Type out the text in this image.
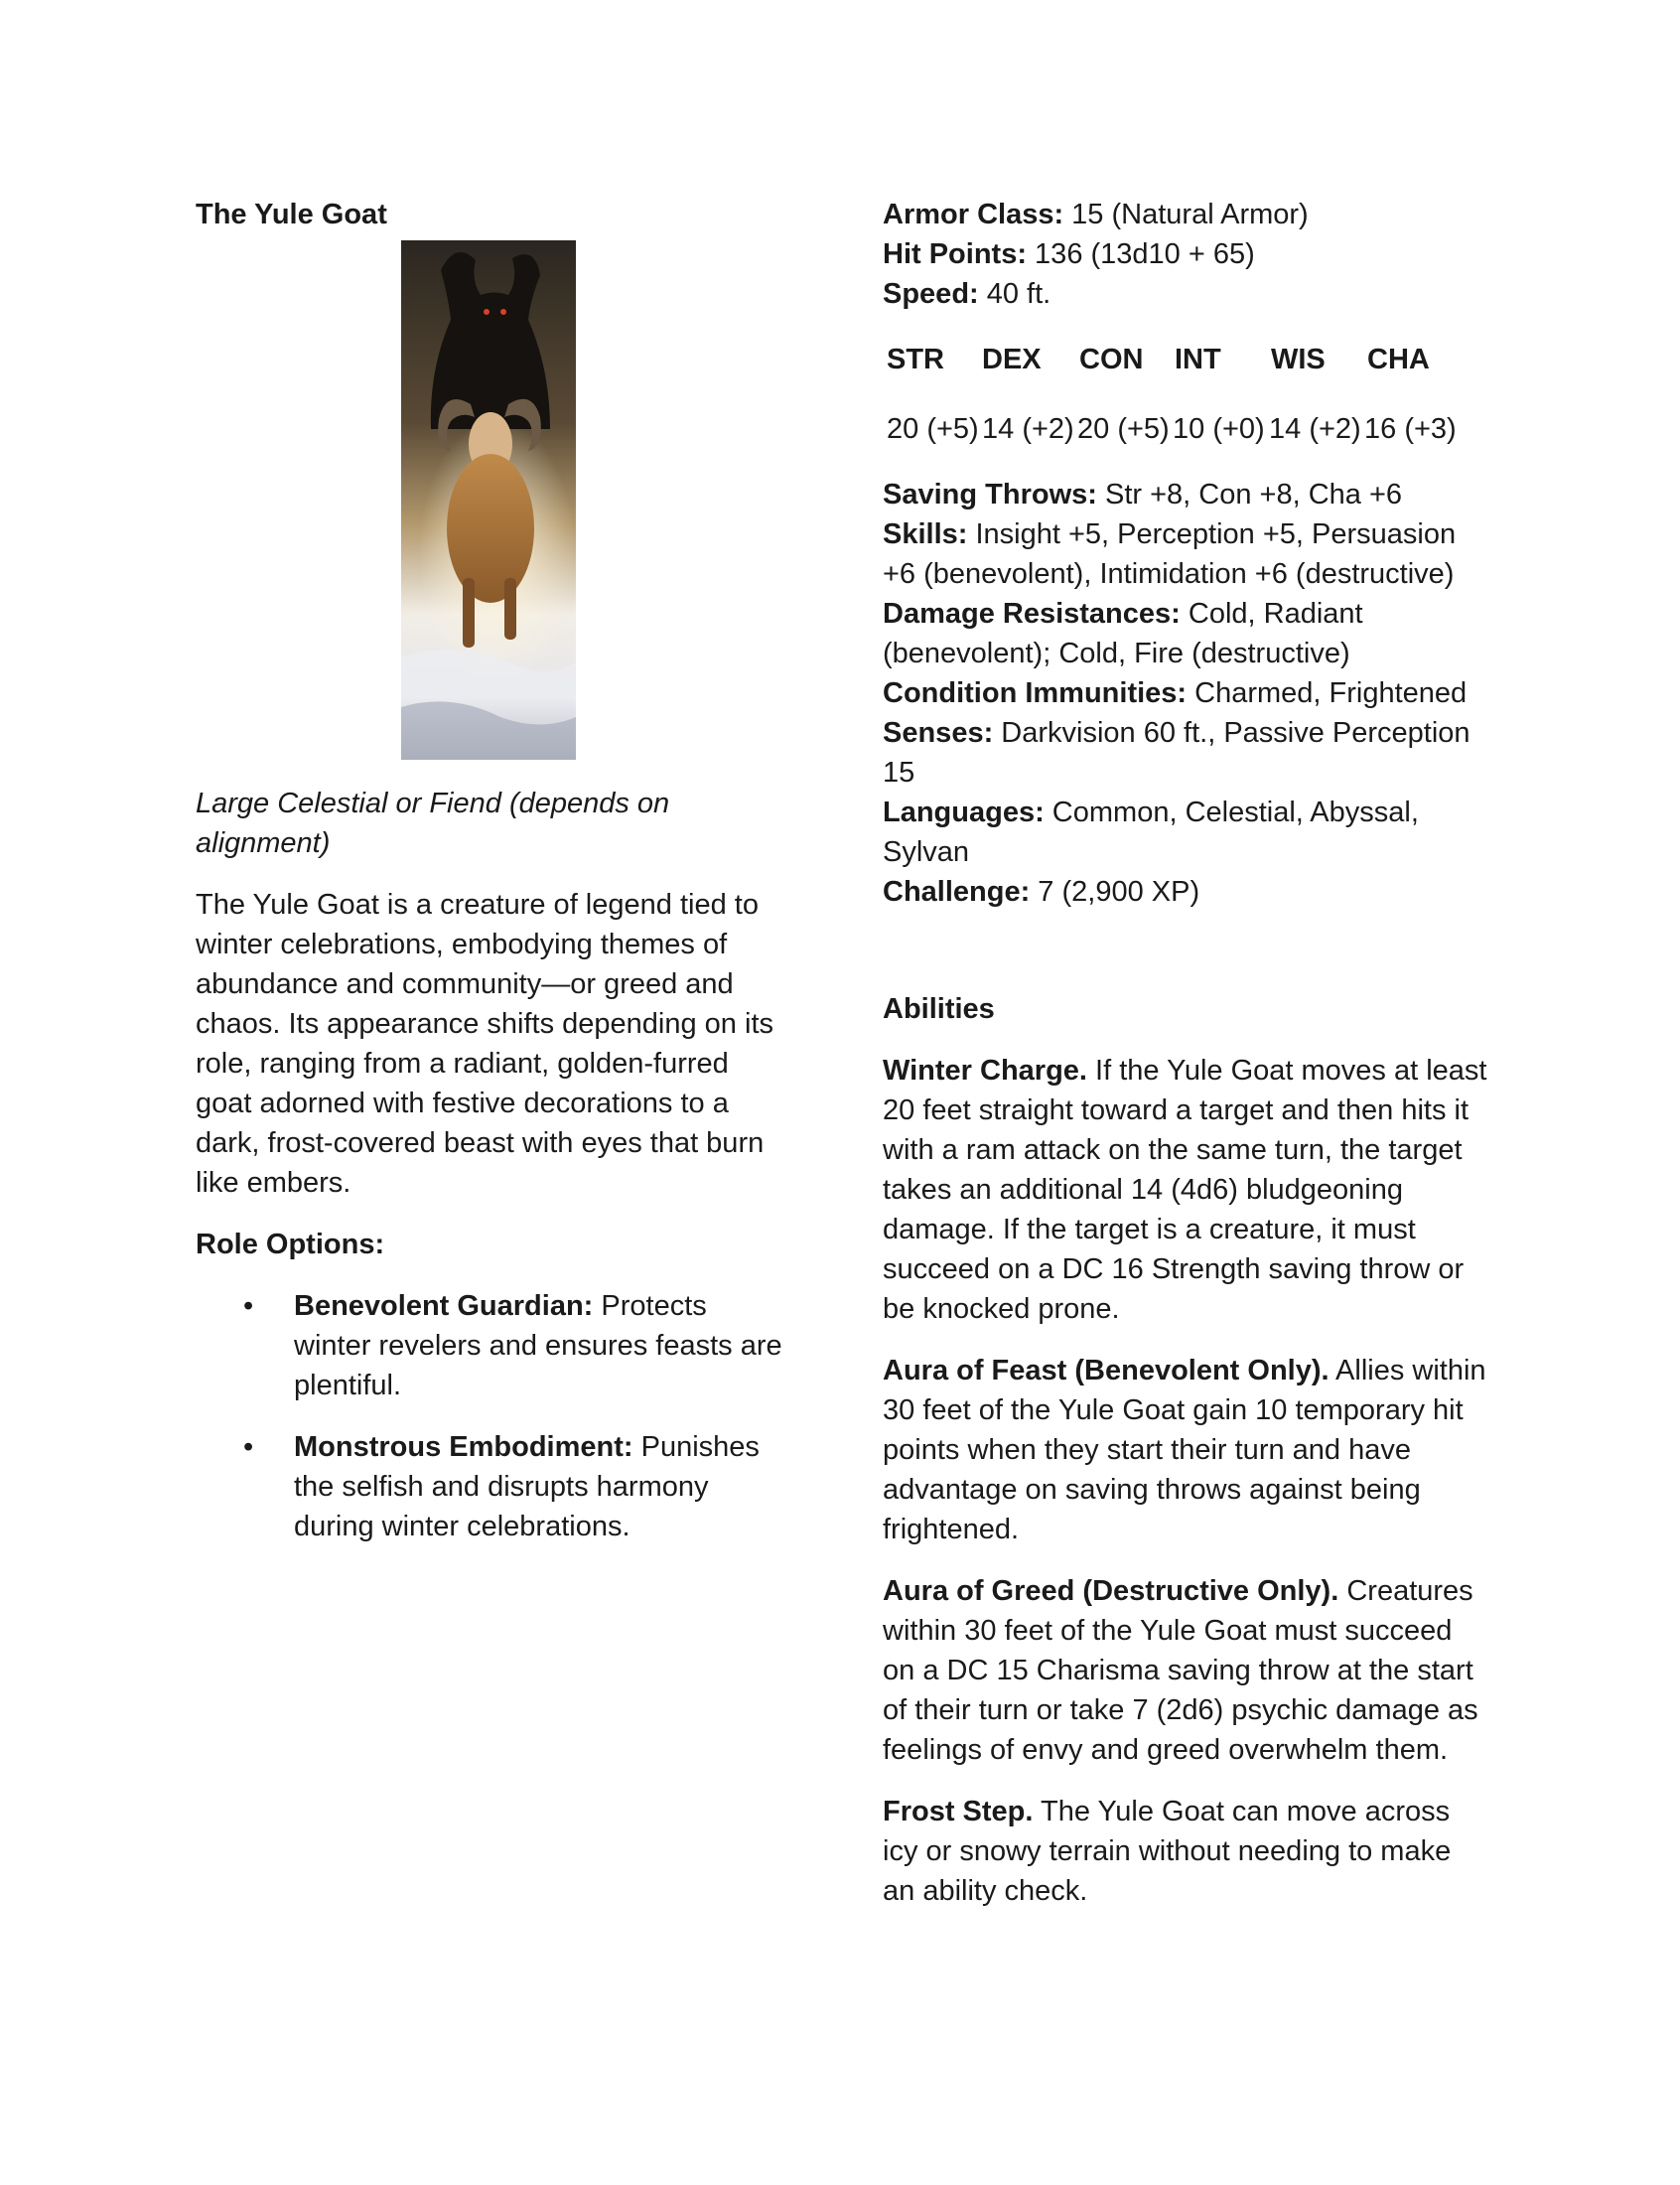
The Yule Goat

Large Celestial or Fiend (depends on alignment)

The Yule Goat is a creature of legend tied to winter celebrations, embodying themes of abundance and community—or greed and chaos. Its appearance shifts depending on its role, ranging from a radiant, golden-furred goat adorned with festive decorations to a dark, frost-covered beast with eyes that burn like embers.

Role Options:

• Benevolent Guardian: Protects winter revelers and ensures feasts are plentiful.
• Monstrous Embodiment: Punishes the selfish and disrupts harmony during winter celebrations.

Armor Class: 15 (Natural Armor)

Hit Points: 136 (13d10 + 65)

Speed: 40 ft.

STR	DEX	CON	INT	WIS	CHA
20 (+5) 14 (+2) 20 (+5) 10 (+0) 14 (+2) 16 (+3)

Saving Throws: Str +8, Con +8, Cha +6

Skills: Insight +5, Perception +5, Persuasion +6 (benevolent), Intimidation +6 (destructive)

Damage Resistances: Cold, Radiant (benevolent); Cold, Fire (destructive)

Condition Immunities: Charmed, Frightened

Senses: Darkvision 60 ft., Passive Perception 15

Languages: Common, Celestial, Abyssal, Sylvan

Challenge: 7 (2,900 XP)

Abilities

Winter Charge. If the Yule Goat moves at least 20 feet straight toward a target and then hits it with a ram attack on the same turn, the target takes an additional 14 (4d6) bludgeoning damage. If the target is a creature, it must succeed on a DC 16 Strength saving throw or be knocked prone.

Aura of Feast (Benevolent Only). Allies within 30 feet of the Yule Goat gain 10 temporary hit points when they start their turn and have advantage on saving throws against being frightened.

Aura of Greed (Destructive Only). Creatures within 30 feet of the Yule Goat must succeed on a DC 15 Charisma saving throw at the start of their turn or take 7 (2d6) psychic damage as feelings of envy and greed overwhelm them.

Frost Step. The Yule Goat can move across icy or snowy terrain without needing to make an ability check.
